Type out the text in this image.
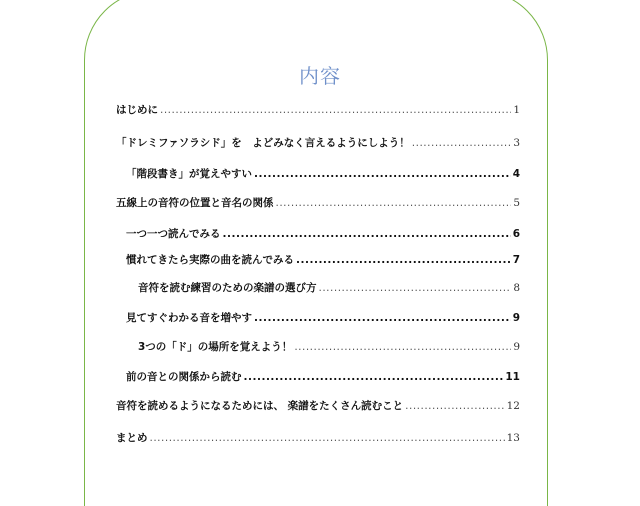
内容
はじめに .....	1
「ドレミファソラシド」を　よどみなく言えるようにしよう！ .....	3
「階段書き」が覚えやすい .....	4
五線上の音符の位置と音名の関係 .....	5
一つ一つ読んでみる .....	6
慣れてきたら実際の曲を読んでみる .....	7
音符を読む練習のための楽譜の選び方 .....	8
見てすぐわかる音を増やす .....	9
3つの「ド」の場所を覚えよう！ .....	9
前の音との関係から読む .....	11
音符を読めるようになるためには、 楽譜をたくさん読むこと .....	12
まとめ .....	13
